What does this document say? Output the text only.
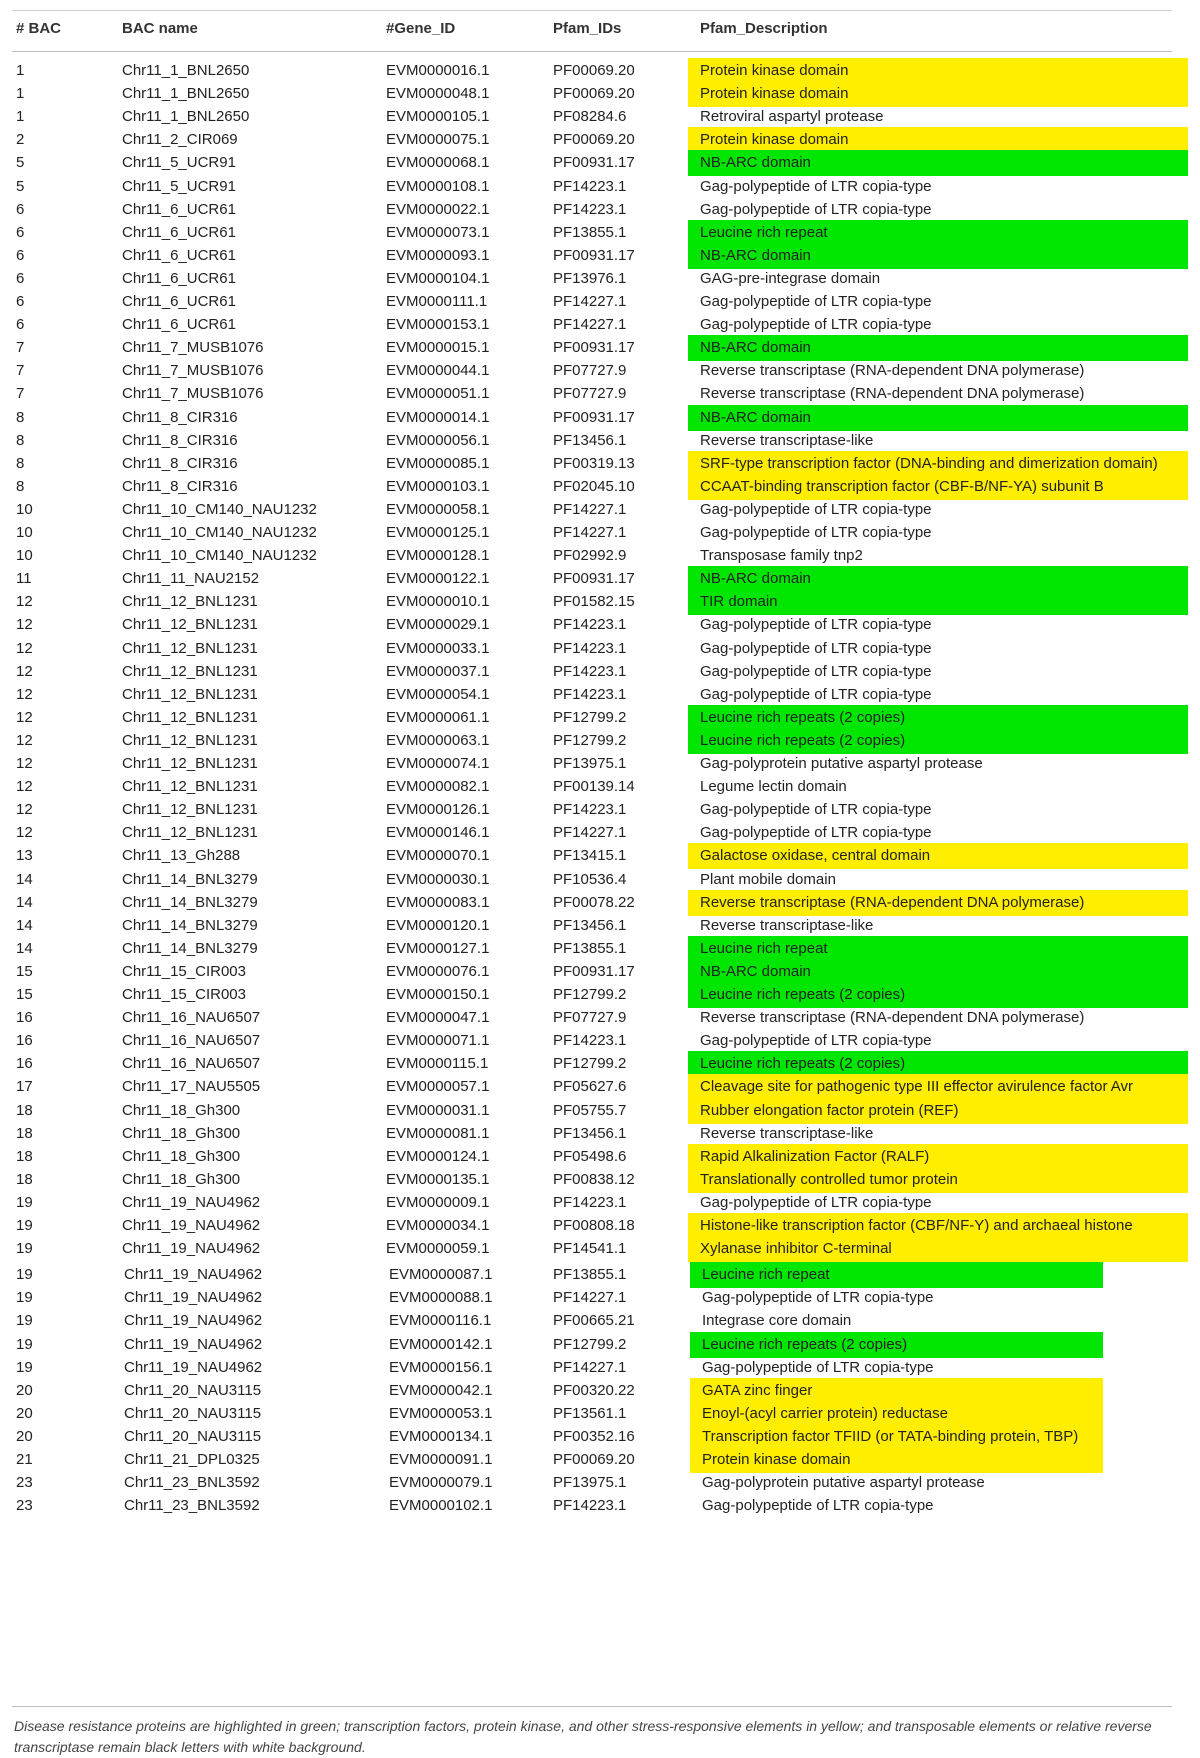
# BAC	BAC name	#Gene_ID	Pfam_IDs	Pfam_Description
1	Chr11_1_BNL2650	EVM0000016.1	PF00069.20	Protein kinase domain
1	Chr11_1_BNL2650	EVM0000048.1	PF00069.20	Protein kinase domain
1	Chr11_1_BNL2650	EVM0000105.1	PF08284.6	Retroviral aspartyl protease
2	Chr11_2_CIR069	EVM0000075.1	PF00069.20	Protein kinase domain
5	Chr11_5_UCR91	EVM0000068.1	PF00931.17	NB-ARC domain
5	Chr11_5_UCR91	EVM0000108.1	PF14223.1	Gag-polypeptide of LTR copia-type
6	Chr11_6_UCR61	EVM0000022.1	PF14223.1	Gag-polypeptide of LTR copia-type
6	Chr11_6_UCR61	EVM0000073.1	PF13855.1	Leucine rich repeat
6	Chr11_6_UCR61	EVM0000093.1	PF00931.17	NB-ARC domain
6	Chr11_6_UCR61	EVM0000104.1	PF13976.1	GAG-pre-integrase domain
6	Chr11_6_UCR61	EVM0000111.1	PF14227.1	Gag-polypeptide of LTR copia-type
6	Chr11_6_UCR61	EVM0000153.1	PF14227.1	Gag-polypeptide of LTR copia-type
7	Chr11_7_MUSB1076	EVM0000015.1	PF00931.17	NB-ARC domain
7	Chr11_7_MUSB1076	EVM0000044.1	PF07727.9	Reverse transcriptase (RNA-dependent DNA polymerase)
7	Chr11_7_MUSB1076	EVM0000051.1	PF07727.9	Reverse transcriptase (RNA-dependent DNA polymerase)
8	Chr11_8_CIR316	EVM0000014.1	PF00931.17	NB-ARC domain
8	Chr11_8_CIR316	EVM0000056.1	PF13456.1	Reverse transcriptase-like
8	Chr11_8_CIR316	EVM0000085.1	PF00319.13	SRF-type transcription factor (DNA-binding and dimerization domain)
8	Chr11_8_CIR316	EVM0000103.1	PF02045.10	CCAAT-binding transcription factor (CBF-B/NF-YA) subunit B
10	Chr11_10_CM140_NAU1232	EVM0000058.1	PF14227.1	Gag-polypeptide of LTR copia-type
10	Chr11_10_CM140_NAU1232	EVM0000125.1	PF14227.1	Gag-polypeptide of LTR copia-type
10	Chr11_10_CM140_NAU1232	EVM0000128.1	PF02992.9	Transposase family tnp2
11	Chr11_11_NAU2152	EVM0000122.1	PF00931.17	NB-ARC domain
12	Chr11_12_BNL1231	EVM0000010.1	PF01582.15	TIR domain
12	Chr11_12_BNL1231	EVM0000029.1	PF14223.1	Gag-polypeptide of LTR copia-type
12	Chr11_12_BNL1231	EVM0000033.1	PF14223.1	Gag-polypeptide of LTR copia-type
12	Chr11_12_BNL1231	EVM0000037.1	PF14223.1	Gag-polypeptide of LTR copia-type
12	Chr11_12_BNL1231	EVM0000054.1	PF14223.1	Gag-polypeptide of LTR copia-type
12	Chr11_12_BNL1231	EVM0000061.1	PF12799.2	Leucine rich repeats (2 copies)
12	Chr11_12_BNL1231	EVM0000063.1	PF12799.2	Leucine rich repeats (2 copies)
12	Chr11_12_BNL1231	EVM0000074.1	PF13975.1	Gag-polyprotein putative aspartyl protease
12	Chr11_12_BNL1231	EVM0000082.1	PF00139.14	Legume lectin domain
12	Chr11_12_BNL1231	EVM0000126.1	PF14223.1	Gag-polypeptide of LTR copia-type
12	Chr11_12_BNL1231	EVM0000146.1	PF14227.1	Gag-polypeptide of LTR copia-type
13	Chr11_13_Gh288	EVM0000070.1	PF13415.1	Galactose oxidase, central domain
14	Chr11_14_BNL3279	EVM0000030.1	PF10536.4	Plant mobile domain
14	Chr11_14_BNL3279	EVM0000083.1	PF00078.22	Reverse transcriptase (RNA-dependent DNA polymerase)
14	Chr11_14_BNL3279	EVM0000120.1	PF13456.1	Reverse transcriptase-like
14	Chr11_14_BNL3279	EVM0000127.1	PF13855.1	Leucine rich repeat
15	Chr11_15_CIR003	EVM0000076.1	PF00931.17	NB-ARC domain
15	Chr11_15_CIR003	EVM0000150.1	PF12799.2	Leucine rich repeats (2 copies)
16	Chr11_16_NAU6507	EVM0000047.1	PF07727.9	Reverse transcriptase (RNA-dependent DNA polymerase)
16	Chr11_16_NAU6507	EVM0000071.1	PF14223.1	Gag-polypeptide of LTR copia-type
16	Chr11_16_NAU6507	EVM0000115.1	PF12799.2	Leucine rich repeats (2 copies)
17	Chr11_17_NAU5505	EVM0000057.1	PF05627.6	Cleavage site for pathogenic type III effector avirulence factor Avr
18	Chr11_18_Gh300	EVM0000031.1	PF05755.7	Rubber elongation factor protein (REF)
18	Chr11_18_Gh300	EVM0000081.1	PF13456.1	Reverse transcriptase-like
18	Chr11_18_Gh300	EVM0000124.1	PF05498.6	Rapid Alkalinization Factor (RALF)
18	Chr11_18_Gh300	EVM0000135.1	PF00838.12	Translationally controlled tumor protein
19	Chr11_19_NAU4962	EVM0000009.1	PF14223.1	Gag-polypeptide of LTR copia-type
19	Chr11_19_NAU4962	EVM0000034.1	PF00808.18	Histone-like transcription factor (CBF/NF-Y) and archaeal histone
19	Chr11_19_NAU4962	EVM0000059.1	PF14541.1	Xylanase inhibitor C-terminal
19	Chr11_19_NAU4962	EVM0000087.1	PF13855.1	Leucine rich repeat
19	Chr11_19_NAU4962	EVM0000088.1	PF14227.1	Gag-polypeptide of LTR copia-type
19	Chr11_19_NAU4962	EVM0000116.1	PF00665.21	Integrase core domain
19	Chr11_19_NAU4962	EVM0000142.1	PF12799.2	Leucine rich repeats (2 copies)
19	Chr11_19_NAU4962	EVM0000156.1	PF14227.1	Gag-polypeptide of LTR copia-type
20	Chr11_20_NAU3115	EVM0000042.1	PF00320.22	GATA zinc finger
20	Chr11_20_NAU3115	EVM0000053.1	PF13561.1	Enoyl-(acyl carrier protein) reductase
20	Chr11_20_NAU3115	EVM0000134.1	PF00352.16	Transcription factor TFIID (or TATA-binding protein, TBP)
21	Chr11_21_DPL0325	EVM0000091.1	PF00069.20	Protein kinase domain
23	Chr11_23_BNL3592	EVM0000079.1	PF13975.1	Gag-polyprotein putative aspartyl protease
23	Chr11_23_BNL3592	EVM0000102.1	PF14223.1	Gag-polypeptide of LTR copia-type
Disease resistance proteins are highlighted in green; transcription factors, protein kinase, and other stress-responsive elements in yellow; and transposable elements or relative reverse transcriptase remain black letters with white background.
